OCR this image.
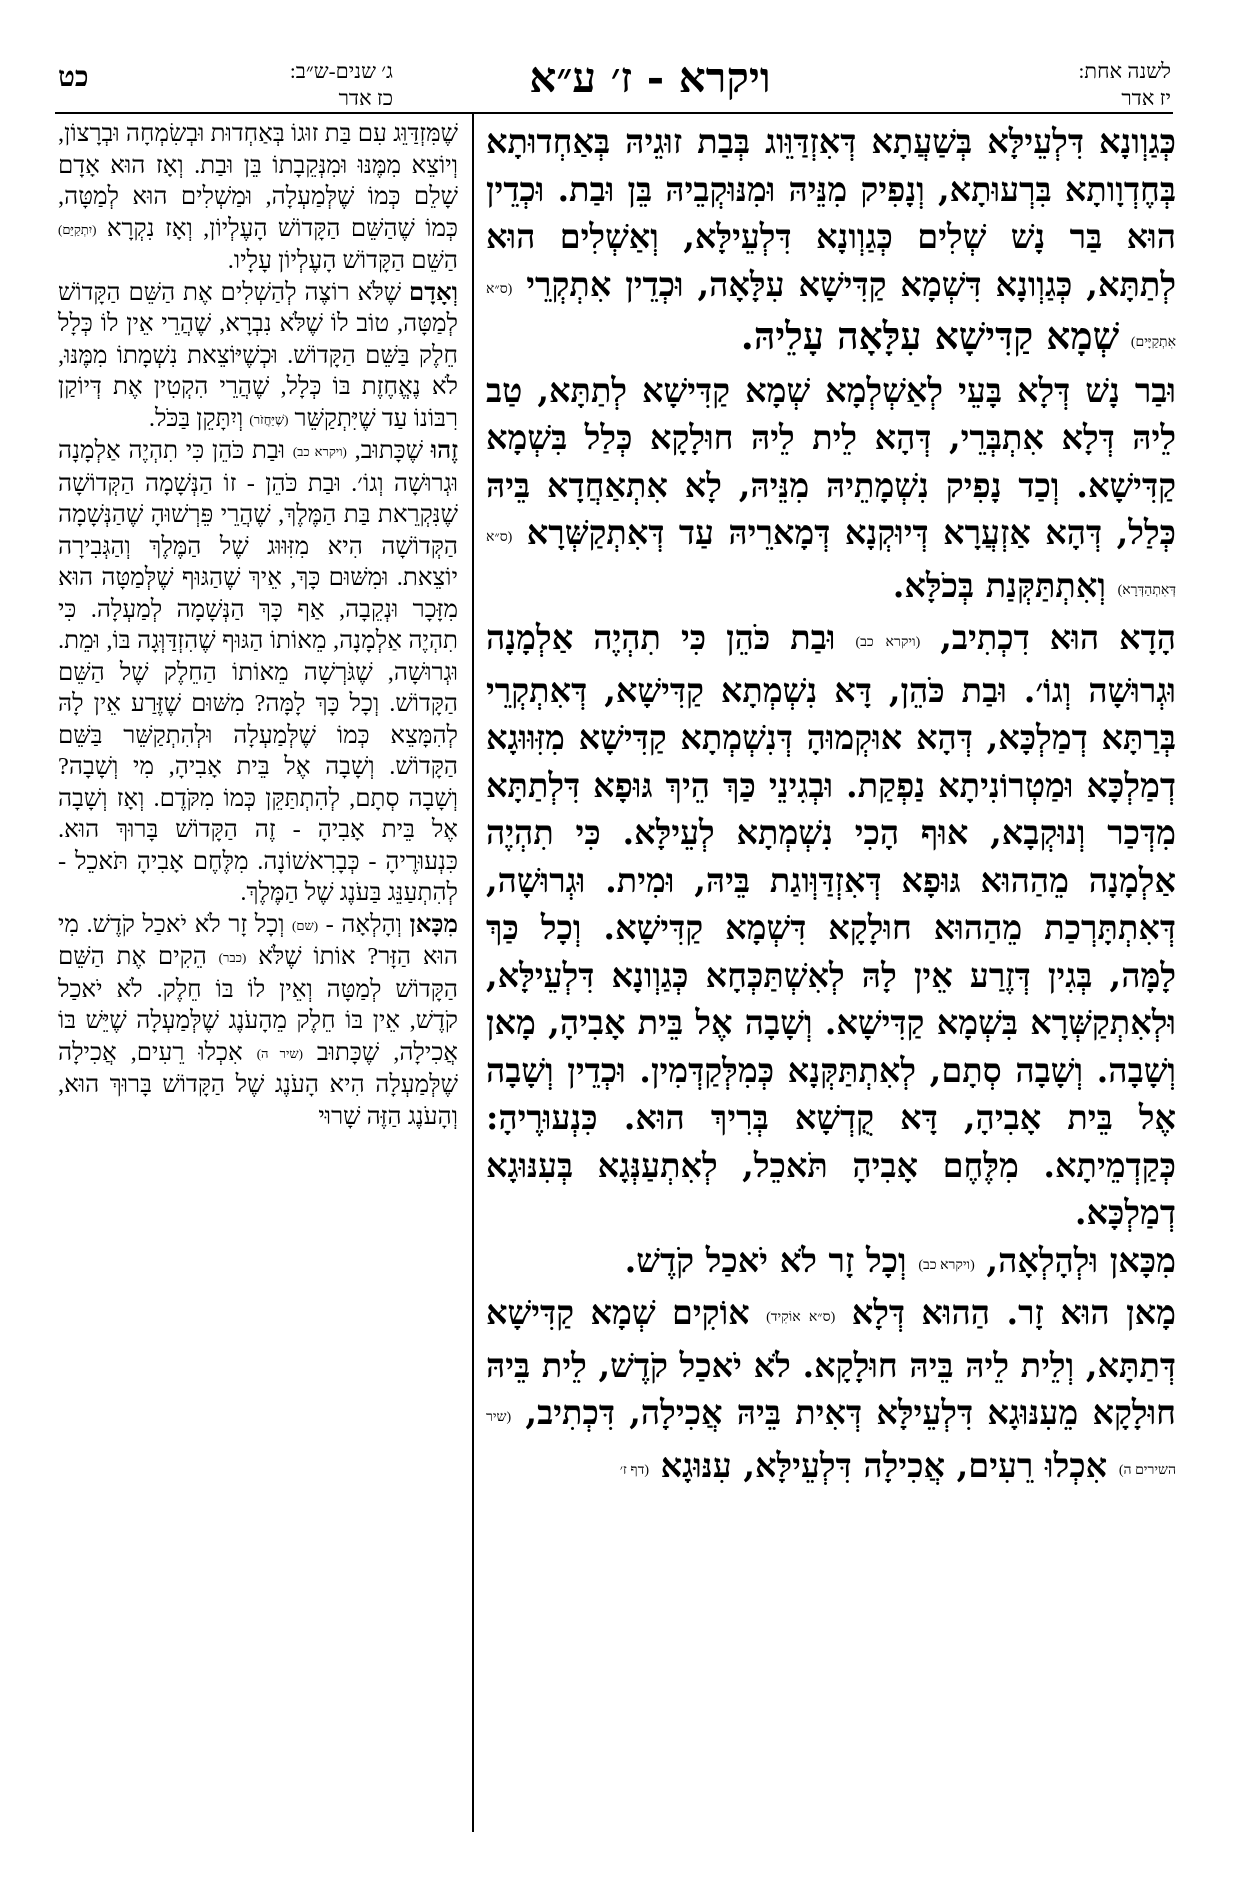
לשנה אחת:
יז אדר
ויקרא - ז׳ ע״א
ג׳ שנים-ש״ב:
כז אדר
כט

כְּגַוְונָא דִּלְעֵילָּא בְּשַׁעֲתָא דְּאִזְדַּוֵּוג בְּבַת זוּגֵיהּ בְּאַחְדוּתָא בְּחֶדְוָותָא בִּרְעוּתָא, וְנָפִיק מִנֵּיהּ וּמִנּוּקְבֵיהּ בֵּן וּבַת. וּכְדֵין הוּא בַּר נָשׁ שְׁלִים כְּגַוְונָא דִּלְעֵילָּא, וְאַשְׁלִים הוּא לְתַתָּא, כְּגַוְונָא דִּשְׁמָא קַדִּישָׁא עִלָּאָה, וּכְדֵין אִתְקְרֵי (ס״א אִתְקַיָּים) שְׁמָא קַדִּישָׁא עִלָּאָה עָלֵיהּ.

וּבַר נָשׁ דְּלָא בָּעֵי לְאַשְׁלְמָא שְׁמָא קַדִּישָׁא לְתַתָּא, טַב לֵיהּ דְּלָא אִתְבְּרֵי, דְּהָא לֵית לֵיהּ חוּלָקָא כְּלַל בִּשְׁמָא קַדִּישָׁא. וְכַד נָפִיק נִשְׁמָתֵיהּ מִנֵּיהּ, לָא אִתְאַחֲדָא בֵּיהּ כְּלַל, דְּהָא אַזְעֲרָא דְּיוּקְנָא דְּמָארֵיהּ עַד דְּאִתְקַשְּׁרָא (ס״א דְּאִתְהַדְּרָא) וְאִתְתַּקְּנַת בְּכֹלָּא.

הָדָא הוּא דִכְתִיב, (ויקרא כב) וּבַת כֹּהֵן כִּי תִהְיֶה אַלְמָנָה וּגְרוּשָׁה וְגוֹ׳. וּבַת כֹּהֵן, דָּא נִשְׁמְתָא קַדִּישָׁא, דְּאִתְקְרֵי בְּרַתָּא דְמַלְכָּא, דְּהָא אוּקְמוּהָ דְּנִשְׁמְתָא קַדִּישָׁא מִזִּוּוּגָא דְמַלְכָּא וּמַטְרוֹנִיתָא נַפְקַת. וּבְגִינֵי כַּךְ הֵיךְ גּוּפָא דִּלְתַתָּא מִדְּכַר וְנוּקְבָא, אוּף הָכִי נִשְׁמְתָא לְעֵילָּא. כִּי תִהְיֶה אַלְמָנָה מֵהַהוּא גּוּפָא דְּאִזְדַּוְּוגַת בֵּיהּ, וּמִית. וּגְרוּשָׁה, דְּאִתְתָּרְכַת מֵהַהוּא חוּלָקָא דִּשְׁמָא קַדִּישָׁא. וְכָל כַּךְ לָמָּה, בְּגִין דְּזֶרַע אֵין לָהּ לְאִשְׁתַּכְּחָא כְּגַוְונָא דִּלְעֵילָּא, וּלְאִתְקַשְּׁרָא בִּשְׁמָא קַדִּישָׁא. וְשָׁבָה אֶל בֵּית אָבִיהָ, מָאן וְשָׁבָה. וְשָׁבָה סְתָם, לְאִתְתַּקְּנָא כְּמִלְּקַדְּמִין. וּכְדֵין וְשָׁבָה אֶל בֵּית אָבִיהָ, דָּא קֻדְשָׁא בְּרִיךְ הוּא. כִּנְעוּרֶיהָ: כְּקַדְמֵיתָא. מִלֶּחֶם אָבִיהָ תֹּאכֵל, לְאִתְעַנְּגָא בְּעִנּוּגָא דְמַלְכָּא.

מִכָּאן וּלְהָלְאָה, (ויקרא כב) וְכָל זָר לֹא יֹאכַל קֹדֶשׁ.

מָאן הוּא זָר. הַהוּא דְּלָא (ס״א אוֹקִיד) אוֹקִים שְׁמָא קַדִּישָׁא דְּתַתָּא, וְלֵית לֵיהּ בֵּיהּ חוּלָקָא. לֹא יֹאכַל קֹדֶשׁ, לֵית בֵּיהּ חוּלָקָא מֵעִנּוּגָא דִּלְעֵילָּא דְּאִית בֵּיהּ אֲכִילָה, דִּכְתִיב, (שיר השירים ה) אִכְלוּ רֵעִים, אֲכִילָה דִּלְעֵילָּא, עִנּוּגָא (דף ז׳

שֶׁמִּזְדַּוֵּג עִם בַּת זוּגוֹ בְּאַחְדוּת וּבְשִׂמְחָה וּבְרָצוֹן, וְיוֹצֵא מִמֶּנּוּ וּמִנְּקֵבָתוֹ בֵּן וּבַת. וְאָז הוּא אָדָם שָׁלֵם כְּמוֹ שֶׁלְּמַעְלָה, וּמַשְׁלִים הוּא לְמַטָּה, כְּמוֹ שֶׁהַשֵּׁם הַקָּדוֹשׁ הָעֶלְיוֹן, וְאָז נִקְרָא (יִתְקַיֵּם) הַשֵּׁם הַקָּדוֹשׁ הָעֶלְיוֹן עָלָיו.

וְאָדָם שֶׁלֹּא רוֹצֶה לְהַשְׁלִים אֶת הַשֵּׁם הַקָּדוֹשׁ לְמַטָּה, טוֹב לוֹ שֶׁלֹּא נִבְרָא, שֶׁהֲרֵי אֵין לוֹ כְּלָל חֵלֶק בַּשֵּׁם הַקָּדוֹשׁ. וּכְשֶׁיּוֹצֵאת נִשְׁמָתוֹ מִמֶּנּוּ, לֹא נֶאֱחֶזֶת בּוֹ כְּלָל, שֶׁהֲרֵי הִקְטִין אֶת דְּיוֹקַן רִבּוֹנוֹ עַד שֶׁיִּתְקַשֵּׁר (שֶׁיַּחֲזֹר) וְיִתָּקֵן בַּכֹּל.

זֶהוּ שֶׁכָּתוּב, (ויקרא כב) וּבַת כֹּהֵן כִּי תִהְיֶה אַלְמָנָה וּגְרוּשָׁה וְגוֹ׳. וּבַת כֹּהֵן - זוֹ הַנְּשָׁמָה הַקְּדוֹשָׁה שֶׁנִּקְרֵאת בַּת הַמֶּלֶךְ, שֶׁהֲרֵי פֵּרְשׁוּהָ שֶׁהַנְּשָׁמָה הַקְּדוֹשָׁה הִיא מִזִּוּוּג שֶׁל הַמֶּלֶךְ וְהַגְּבִירָה יוֹצֵאת. וּמִשּׁוּם כָּךְ, אֵיךְ שֶׁהַגּוּף שֶׁלְּמַטָּה הוּא מִזָּכָר וּנְקֵבָה, אַף כָּךְ הַנְּשָׁמָה לְמַעְלָה. כִּי תִהְיֶה אַלְמָנָה, מֵאוֹתוֹ הַגּוּף שֶׁהִזְדַּוְּגָה בּוֹ, וּמֵת. וּגְרוּשָׁה, שֶׁגֹּרְשָׁה מֵאוֹתוֹ הַחֵלֶק שֶׁל הַשֵּׁם הַקָּדוֹשׁ. וְכָל כָּךְ לָמָּה? מִשּׁוּם שֶׁזֶּרַע אֵין לָהּ לְהִמָּצֵא כְּמוֹ שֶׁלְּמַעְלָה וּלְהִתְקַשֵּׁר בַּשֵּׁם הַקָּדוֹשׁ. וְשָׁבָה אֶל בֵּית אָבִיהָ, מִי וְשָׁבָה? וְשָׁבָה סְתָם, לְהִתְתַּקֵּן כְּמוֹ מִקֹּדֶם. וְאָז וְשָׁבָה אֶל בֵּית אָבִיהָ - זֶה הַקָּדוֹשׁ בָּרוּךְ הוּא. כִּנְעוּרֶיהָ - כְּבָרִאשׁוֹנָה. מִלֶּחֶם אָבִיהָ תֹּאכֵל - לְהִתְעַנֵּג בַּעֹנֶג שֶׁל הַמֶּלֶךְ.

מִכָּאן וְהָלְאָה - (שם) וְכָל זָר לֹא יֹאכַל קֹדֶשׁ. מִי הוּא הַזָּר? אוֹתוֹ שֶׁלֹּא (כבר) הֵקִים אֶת הַשֵּׁם הַקָּדוֹשׁ לְמַטָּה וְאֵין לוֹ בּוֹ חֵלֶק. לֹא יֹאכַל קֹדֶשׁ, אֵין בּוֹ חֵלֶק מֵהָעֹנֶג שֶׁלְּמַעְלָה שֶׁיֵּשׁ בּוֹ אֲכִילָה, שֶׁכָּתוּב (שיר ה) אִכְלוּ רֵעִים, אֲכִילָה שֶׁלְּמַעְלָה הִיא הָעֹנֶג שֶׁל הַקָּדוֹשׁ בָּרוּךְ הוּא, וְהָעֹנֶג הַזֶּה שָׁרוּי
